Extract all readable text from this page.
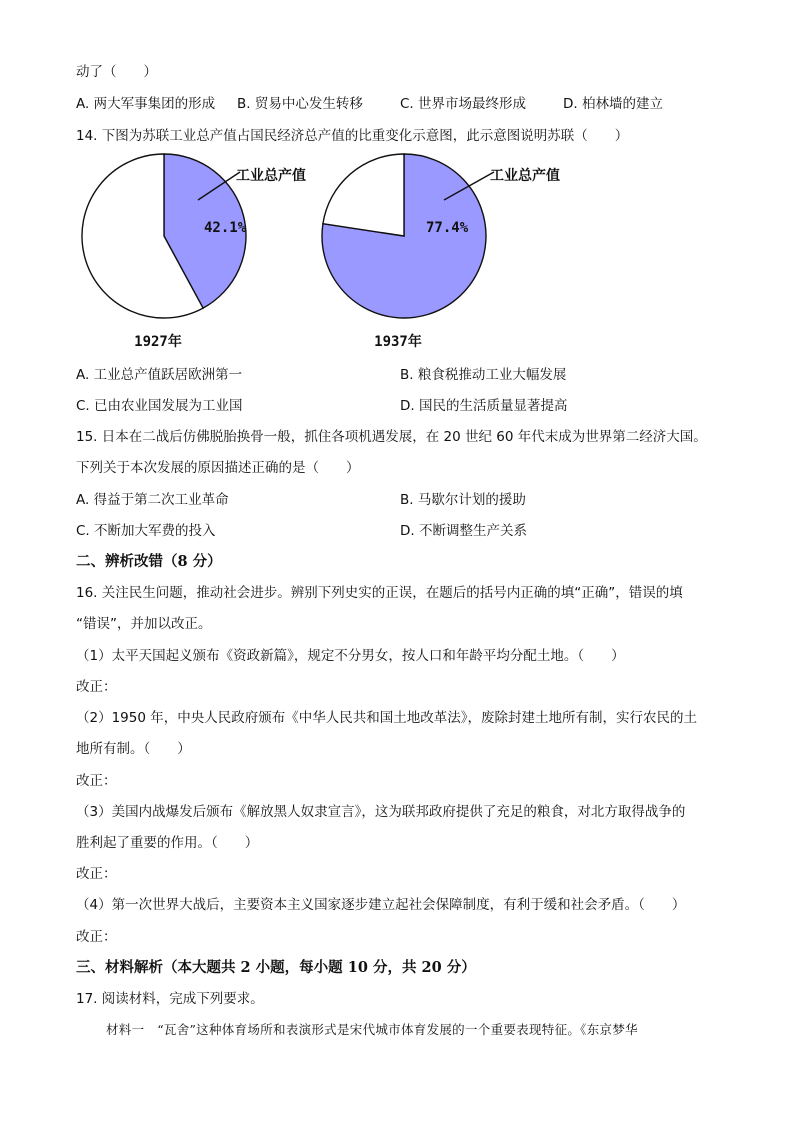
动了（　　）
A. 两大军事集团的形成 B. 贸易中心发生转移	C. 世界市场最终形成	D. 柏林墙的建立
14. 下图为苏联工业总产值占国民经济总产值的比重变化示意图，此示意图说明苏联（　　）
工业总产值
42.1%
1927年
工业总产值
77.4%
1937年
A. 工业总产值跃居欧洲第一	B. 粮食税推动工业大幅发展
C. 已由农业国发展为工业国	D. 国民的生活质量显著提高
15. 日本在二战后仿佛脱胎换骨一般，抓住各项机遇发展，在 20 世纪 60 年代末成为世界第二经济大国。
下列关于本次发展的原因描述正确的是（　　）
A. 得益于第二次工业革命	B. 马歇尔计划的援助
C. 不断加大军费的投入	D. 不断调整生产关系
二、辨析改错（8 分）
16. 关注民生问题，推动社会进步。辨别下列史实的正误，在题后的括号内正确的填“正确”，错误的填
“错误”，并加以改正。
（1）太平天国起义颁布《资政新篇》，规定不分男女，按人口和年龄平均分配土地。（　　）
改正：
（2）1950 年，中央人民政府颁布《中华人民共和国土地改革法》，废除封建土地所有制，实行农民的土
地所有制。（　　）
改正：
（3）美国内战爆发后颁布《解放黑人奴隶宣言》，这为联邦政府提供了充足的粮食，对北方取得战争的
胜利起了重要的作用。（　　）
改正：
（4）第一次世界大战后，主要资本主义国家逐步建立起社会保障制度，有利于缓和社会矛盾。（　　）
改正：
三、材料解析（本大题共 2 小题，每小题 10 分，共 20 分）
17. 阅读材料，完成下列要求。
材料一　“瓦舍”这种体育场所和表演形式是宋代城市体育发展的一个重要表现特征。《东京梦华
